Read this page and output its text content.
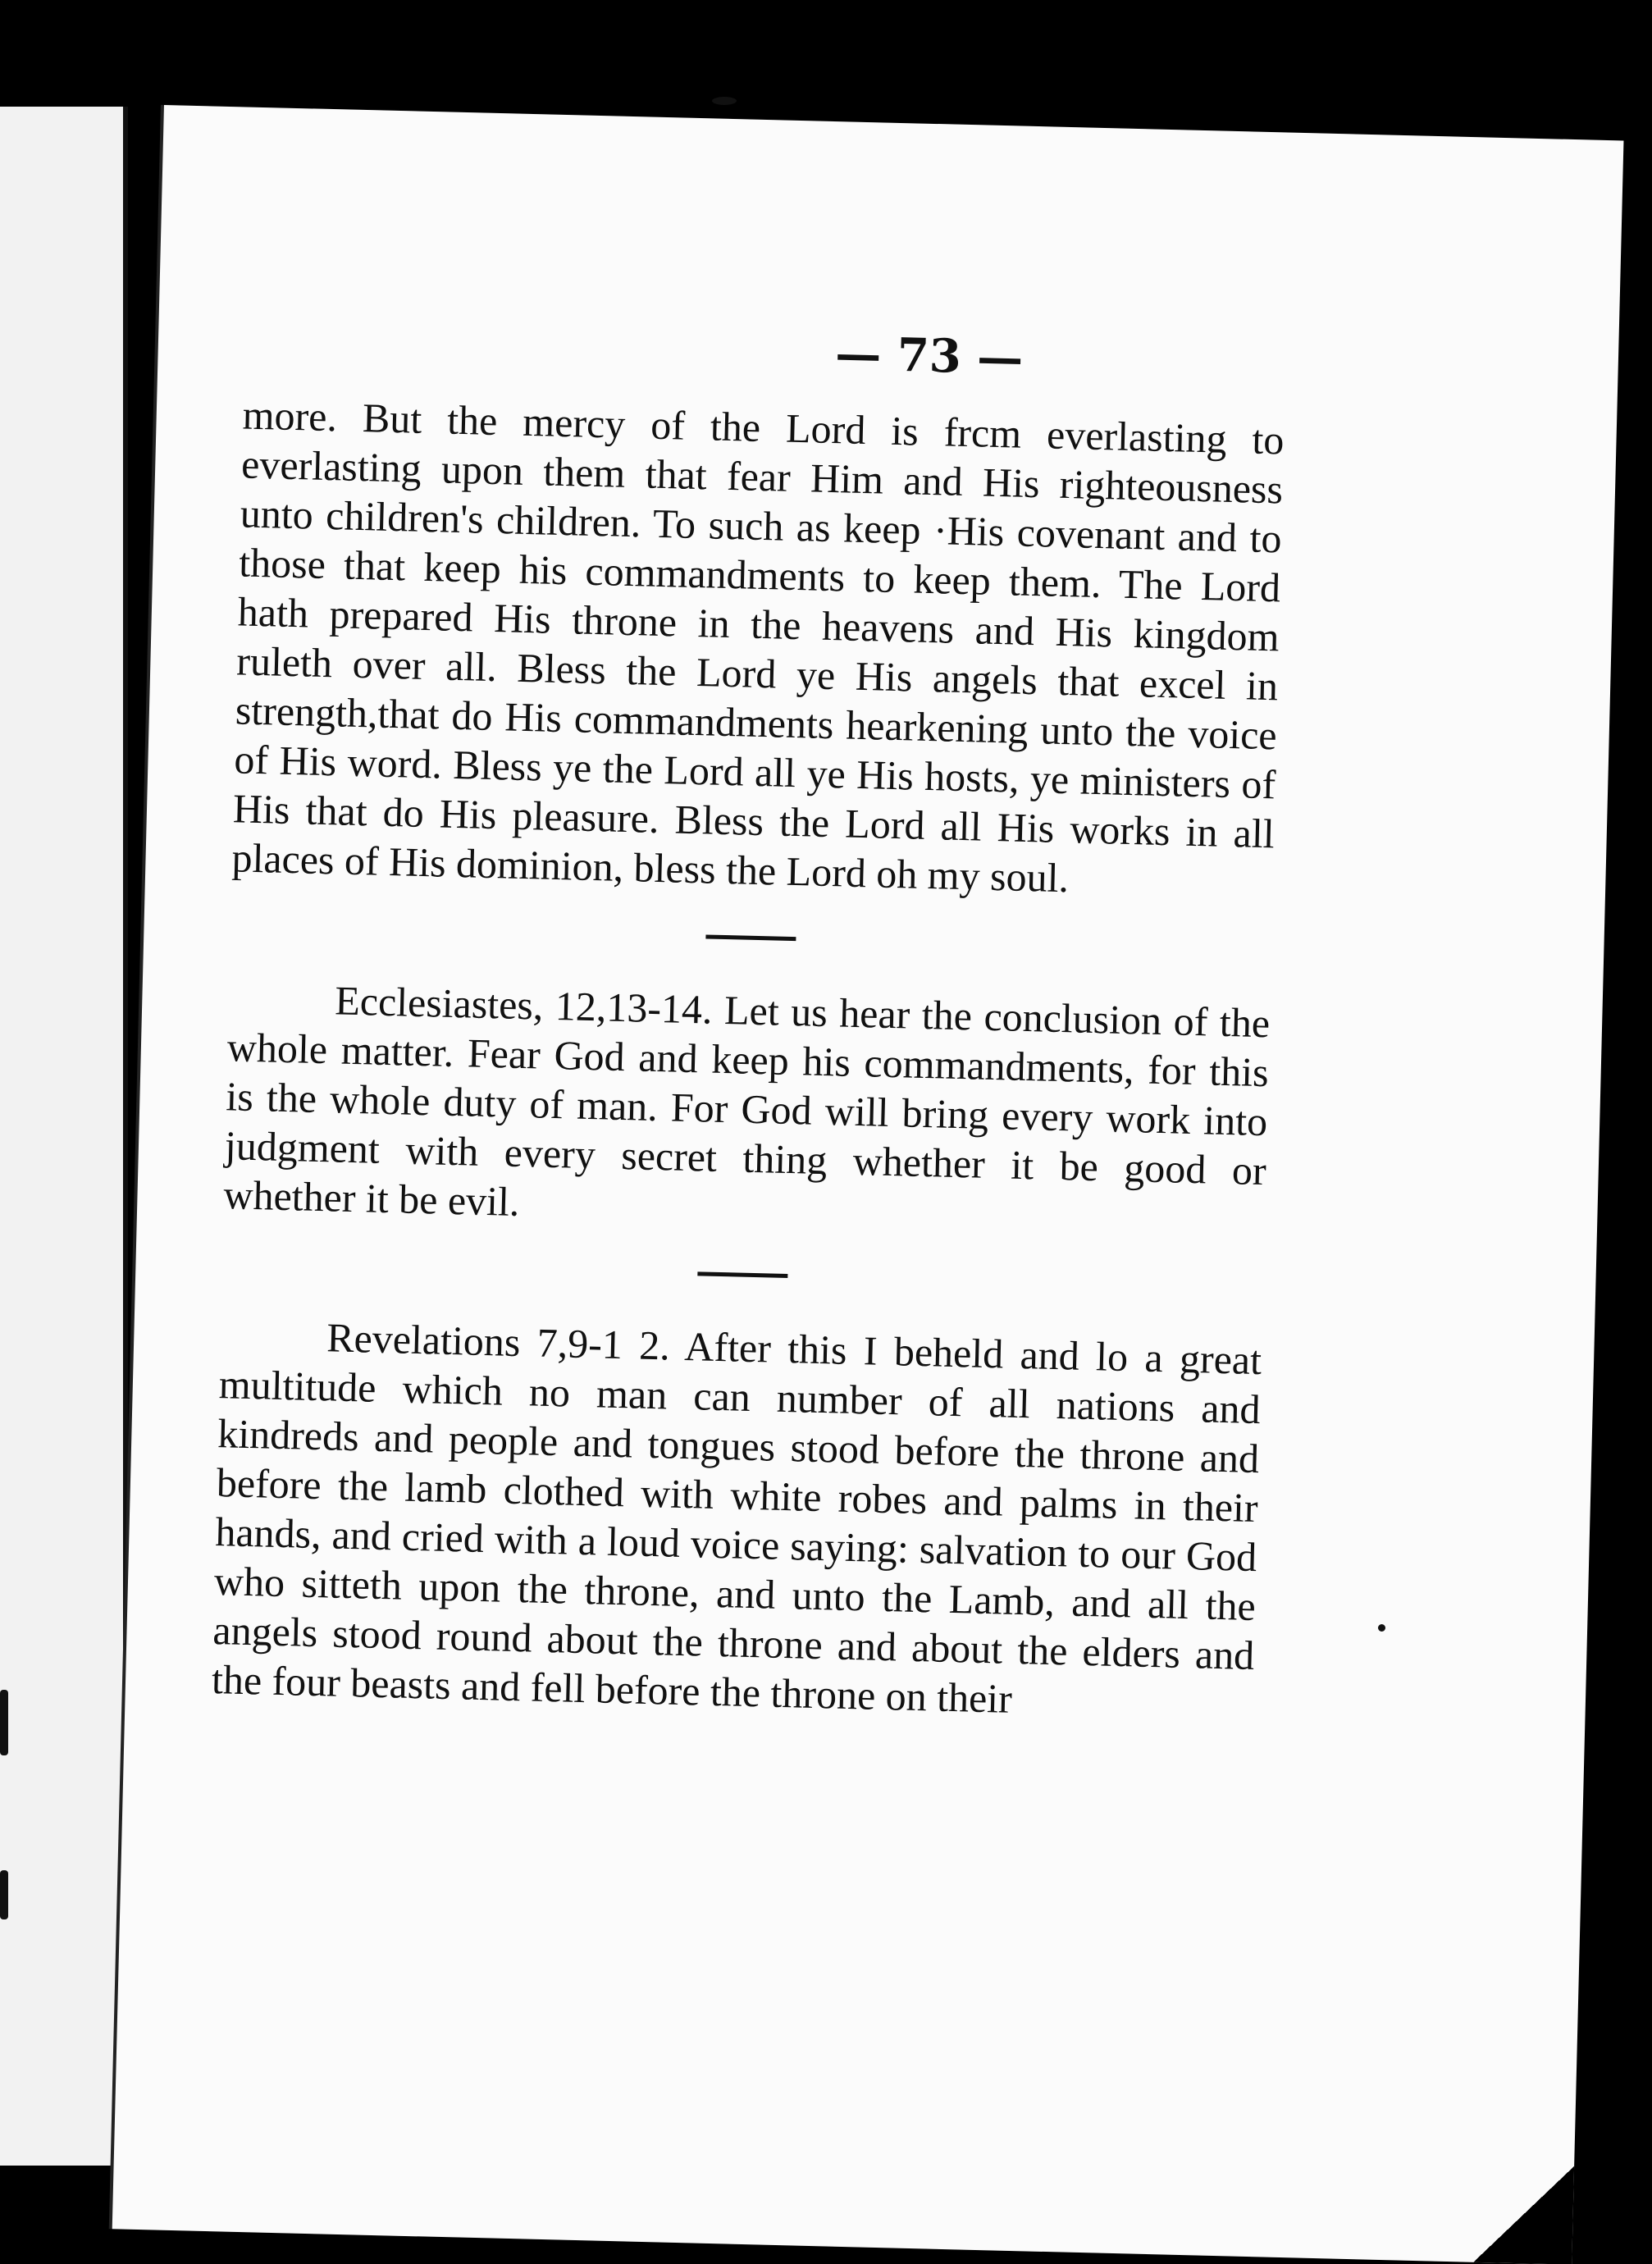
— 73 —

more. But the mercy of the Lord is frcm everlasting to everlasting upon them that fear Him and His righteousness unto children's children. To such as keep ·His covenant and to those that keep his commandments to keep them. The Lord hath prepared His throne in the heavens and His kingdom ruleth over all. Bless the Lord ye His angels that excel in strength,that do His commandments hearkening unto the voice of His word. Bless ye the Lord all ye His hosts, ye ministers of His that do His pleasure. Bless the Lord all His works in all places of His dominion, bless the Lord oh my soul.

Ecclesiastes, 12,13-14. Let us hear the conclusion of the whole matter. Fear God and keep his commandments, for this is the whole duty of man. For God will bring every work into judgment with every secret thing whether it be good or whether it be evil.

Revelations 7,9-1 2. After this I beheld and lo a great multitude which no man can number of all nations and kindreds and people and tongues stood before the throne and before the lamb clothed with white robes and palms in their hands, and cried with a loud voice saying: salvation to our God who sitteth upon the throne, and unto the Lamb, and all the angels stood round about the throne and about the elders and the four beasts and fell before the throne on their
